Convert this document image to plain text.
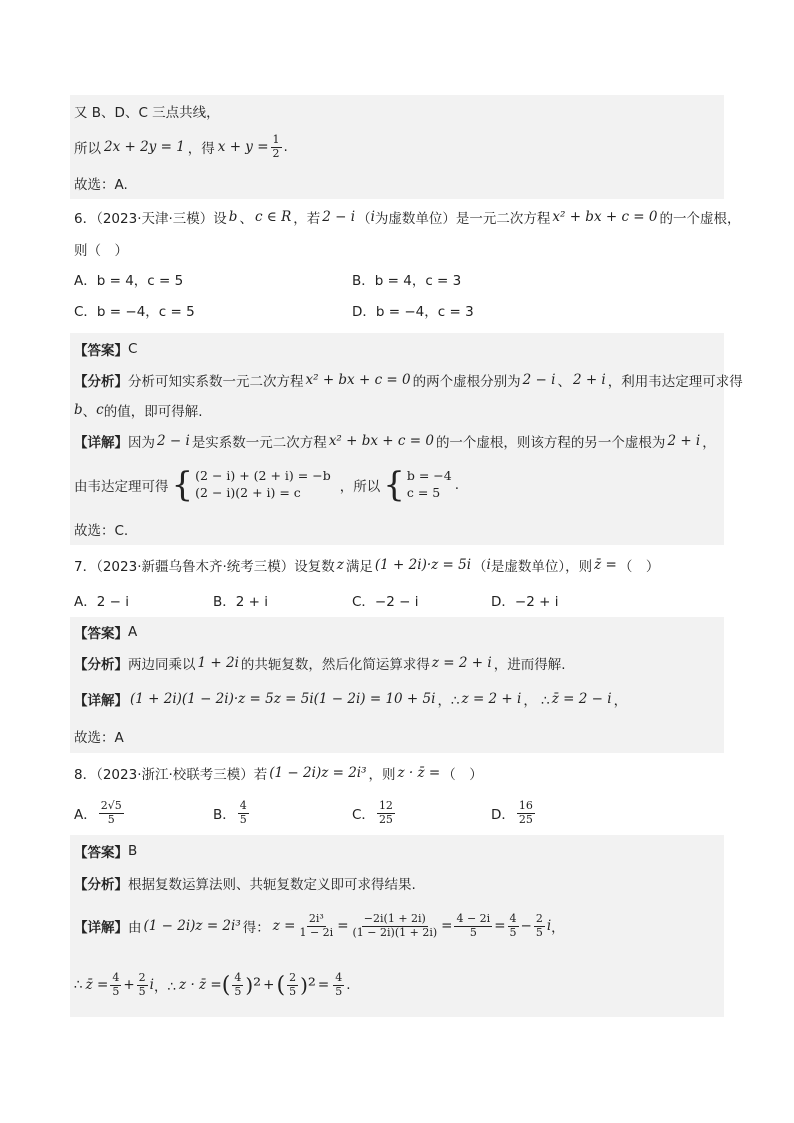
又 B、D、C 三点共线，
所以 2x + 2y = 1 ，得 $x + y = \frac{1}{2}$ .
故选：A.
6．（2023·天津·三模）设 b 、 c ∈ R ，若 2 − i （ i 为虚数单位）是一元二次方程 x² + bx + c = 0 的一个虚根，
则（　）
A．b = 4，c = 5	B．b = 4，c = 3
C．b = −4，c = 5	D．b = −4，c = 3
【答案】 C
【分析】 分析可知实系数一元二次方程 x² + bx + c = 0 的两个虚根分别为 2 − i 、 2 + i ，利用韦达定理可求得
b 、 c 的值，即可得解.
【详解】 因为 2 − i 是实系数一元二次方程 x² + bx + c = 0 的一个虚根，则该方程的另一个虚根为 2 + i ，
由韦达定理可得 { (2 − i) + (2 + i) = −b
(2 − i)(2 + i) = c	，所以 { b = −4
c = 5	.
故选：C.
7．（2023·新疆乌鲁木齐·统考三模）设复数 z 满足 (1 + 2i)·z = 5i （ i 是虚数单位），则 z̄ = （　）
A．2 − i	B．2 + i	C．−2 − i	D．−2 + i
【答案】 A
【分析】 两边同乘以 1 + 2i 的共轭复数，然后化简运算求得 z = 2 + i ，进而得解.
【详解】 (1 + 2i)(1 − 2i)·z = 5z = 5i(1 − 2i) = 10 + 5i ，∴ z = 2 + i ， ∴ z̄ = 2 − i ，
故选：A
8．（2023·浙江·校联考三模）若 (1 − 2i)z = 2i³ ，则 z · z̄ = （　）
A． $\frac{2√5}{5}$	B． $\frac{4}{5}$	C． $\frac{12}{25}$	D． $\frac{16}{25}$
【答案】 B
【分析】 根据复数运算法则、共轭复数定义即可求得结果.
【详解】 由 (1 − 2i)z = 2i³ 得： $z = \frac{\text{2i³}}{1 - 2i} = \frac{-2i(1 + 2i)}{(1 - 2i)(1 + 2i)} = \frac{4 - 2i}{5} = \frac{4}{5} - \frac{2}{5}$ i ，
∴ z̄ = $\frac{4}{5} + \frac{2}{5}$ i ，∴ z · z̄ = ( $\frac{4}{5} )^2$ + ( $\frac{2}{5} )^2 = \frac{4}{5}$ .
